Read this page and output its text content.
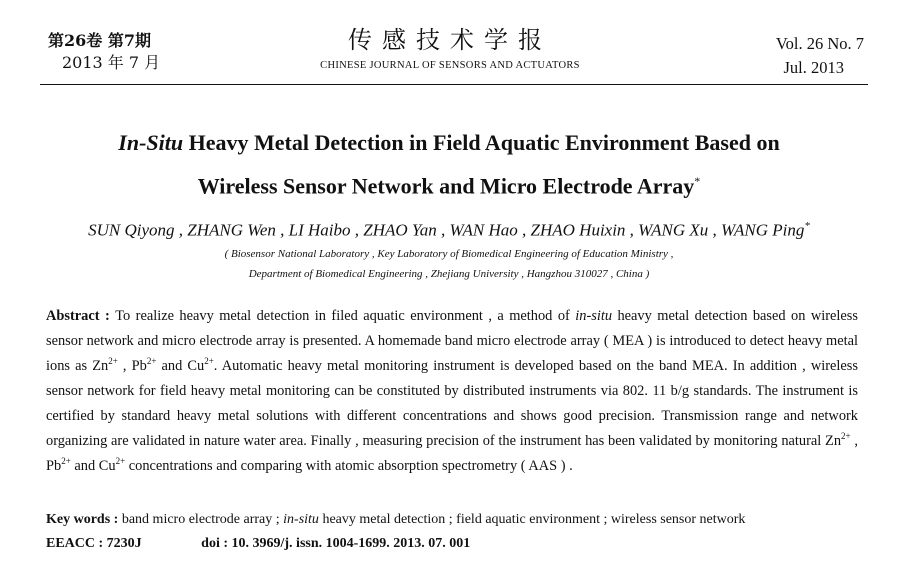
第26卷 第7期
2013 年 7 月
传感技术学报
CHINESE JOURNAL OF SENSORS AND ACTUATORS
Vol. 26 No. 7
Jul. 2013
In-Situ Heavy Metal Detection in Field Aquatic Environment Based on
Wireless Sensor Network and Micro Electrode Array*
SUN Qiyong , ZHANG Wen , LI Haibo , ZHAO Yan , WAN Hao , ZHAO Huixin , WANG Xu , WANG Ping*
( Biosensor National Laboratory , Key Laboratory of Biomedical Engineering of Education Ministry ,
Department of Biomedical Engineering , Zhejiang University , Hangzhou 310027 , China )
Abstract : To realize heavy metal detection in filed aquatic environment , a method of in-situ heavy metal detection based on wireless sensor network and micro electrode array is presented. A homemade band micro electrode array ( MEA ) is introduced to detect heavy metal ions as $Zn^{2+}$ , $Pb^{2+}$ and $Cu^{2+}$. Automatic heavy metal monitoring instrument is developed based on the band MEA. In addition , wireless sensor network for field heavy metal monitoring can be constituted by distributed instruments via 802. 11 b/g standards. The instrument is certified by standard heavy metal solutions with different concentrations and shows good precision. Transmission range and network organizing are validated in nature water area. Finally , measuring precision of the instrument has been validated by monitoring natural $Zn^{2+}$ , $Pb^{2+}$ and $Cu^{2+}$ concentrations and comparing with atomic absorption spectrometry ( AAS ) .
Key words : band micro electrode array ; in-situ heavy metal detection ; field aquatic environment ; wireless sensor network
EEACC : 7230J	doi : 10. 3969/j. issn. 1004-1699. 2013. 07. 001
